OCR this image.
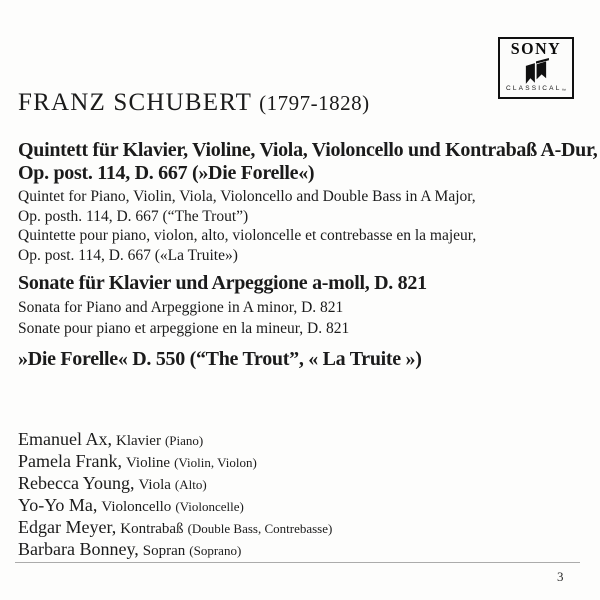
SONY
$CLASSICAL_™$
FRANZ SCHUBERT (1797-1828)
Quintett für Klavier, Violine, Viola, Violoncello und Kontrabaß A-Dur,
Op. post. 114, D. 667 (»Die Forelle«)
Quintet for Piano, Violin, Viola, Violoncello and Double Bass in A Major,
Op. posth. 114, D. 667 (“The Trout”)
Quintette pour piano, violon, alto, violoncelle et contrebasse en la majeur,
Op. post. 114, D. 667 («La Truite»)
Sonate für Klavier und Arpeggione a-moll, D. 821
Sonata for Piano and Arpeggione in A minor, D. 821
Sonate pour piano et arpeggione en la mineur, D. 821
»Die Forelle« D. 550 (“The Trout”, « La Truite »)
Emanuel Ax, Klavier (Piano)
Pamela Frank, Violine (Violin, Violon)
Rebecca Young, Viola (Alto)
Yo-Yo Ma, Violoncello (Violoncelle)
Edgar Meyer, Kontrabaß (Double Bass, Contrebasse)
Barbara Bonney, Sopran (Soprano)
3
